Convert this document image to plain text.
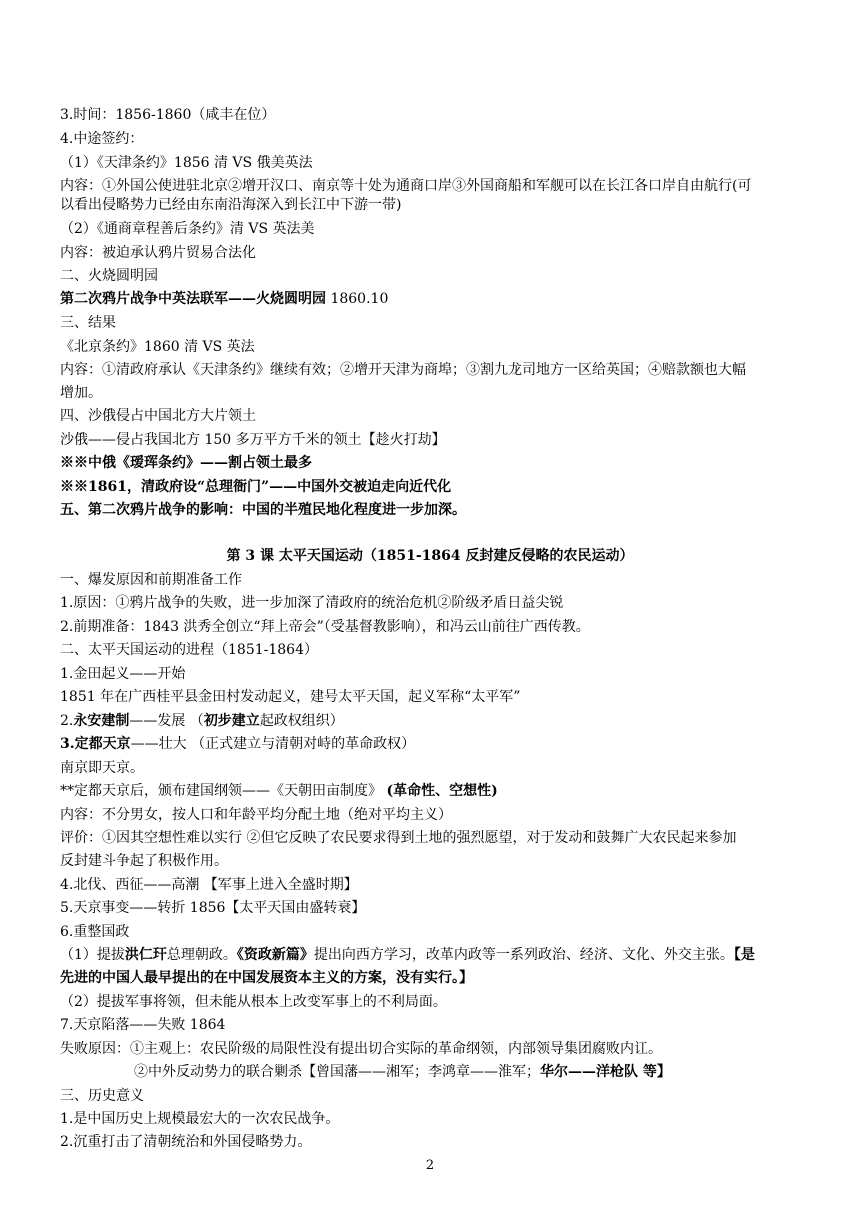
3.时间：1856-1860（咸丰在位）
4.中途签约：
（1）《天津条约》1856 清 VS 俄美英法
内容：①外国公使进驻北京②增开汉口、南京等十处为通商口岸③外国商船和军舰可以在长江各口岸自由航行(可
以看出侵略势力已经由东南沿海深入到长江中下游一带)
（2）《通商章程善后条约》清 VS 英法美
内容：被迫承认鸦片贸易合法化
二、火烧圆明园
第二次鸦片战争中英法联军——火烧圆明园 1860.10
三、结果
《北京条约》1860 清 VS 英法
内容：①清政府承认《天津条约》继续有效；②增开天津为商埠；③割九龙司地方一区给英国；④赔款额也大幅
增加。
四、沙俄侵占中国北方大片领土
沙俄——侵占我国北方 150 多万平方千米的领土【趁火打劫】
※※中俄《瑷珲条约》——割占领土最多
※※1861，清政府设“总理衙门”——中国外交被迫走向近代化
五、第二次鸦片战争的影响：中国的半殖民地化程度进一步加深。
第 3 课 太平天国运动（1851-1864 反封建反侵略的农民运动）
一、爆发原因和前期准备工作
1.原因：①鸦片战争的失败，进一步加深了清政府的统治危机②阶级矛盾日益尖锐
2.前期准备：1843 洪秀全创立“拜上帝会”（受基督教影响），和冯云山前往广西传教。
二、太平天国运动的进程（1851-1864）
1.金田起义——开始
1851 年在广西桂平县金田村发动起义，建号太平天国，起义军称“太平军”
2.永安建制——发展 （初步建立起政权组织）
3.定都天京——壮大 （正式建立与清朝对峙的革命政权）
南京即天京。
**定都天京后，颁布建国纲领——《天朝田亩制度》 (革命性、空想性)
内容：不分男女，按人口和年龄平均分配土地（绝对平均主义）
评价：①因其空想性难以实行 ②但它反映了农民要求得到土地的强烈愿望，对于发动和鼓舞广大农民起来参加
反封建斗争起了积极作用。
4.北伐、西征——高潮 【军事上进入全盛时期】
5.天京事变——转折 1856【太平天国由盛转衰】
6.重整国政
（1）提拔洪仁玕总理朝政。《资政新篇》提出向西方学习，改革内政等一系列政治、经济、文化、外交主张。【是
先进的中国人最早提出的在中国发展资本主义的方案，没有实行。】
（2）提拔军事将领，但未能从根本上改变军事上的不利局面。
7.天京陷落——失败 1864
失败原因：①主观上：农民阶级的局限性没有提出切合实际的革命纲领，内部领导集团腐败内讧。
②中外反动势力的联合剿杀【曾国藩——湘军；李鸿章——淮军；华尔——洋枪队 等】
三、历史意义
1.是中国历史上规模最宏大的一次农民战争。
2.沉重打击了清朝统治和外国侵略势力。
2
